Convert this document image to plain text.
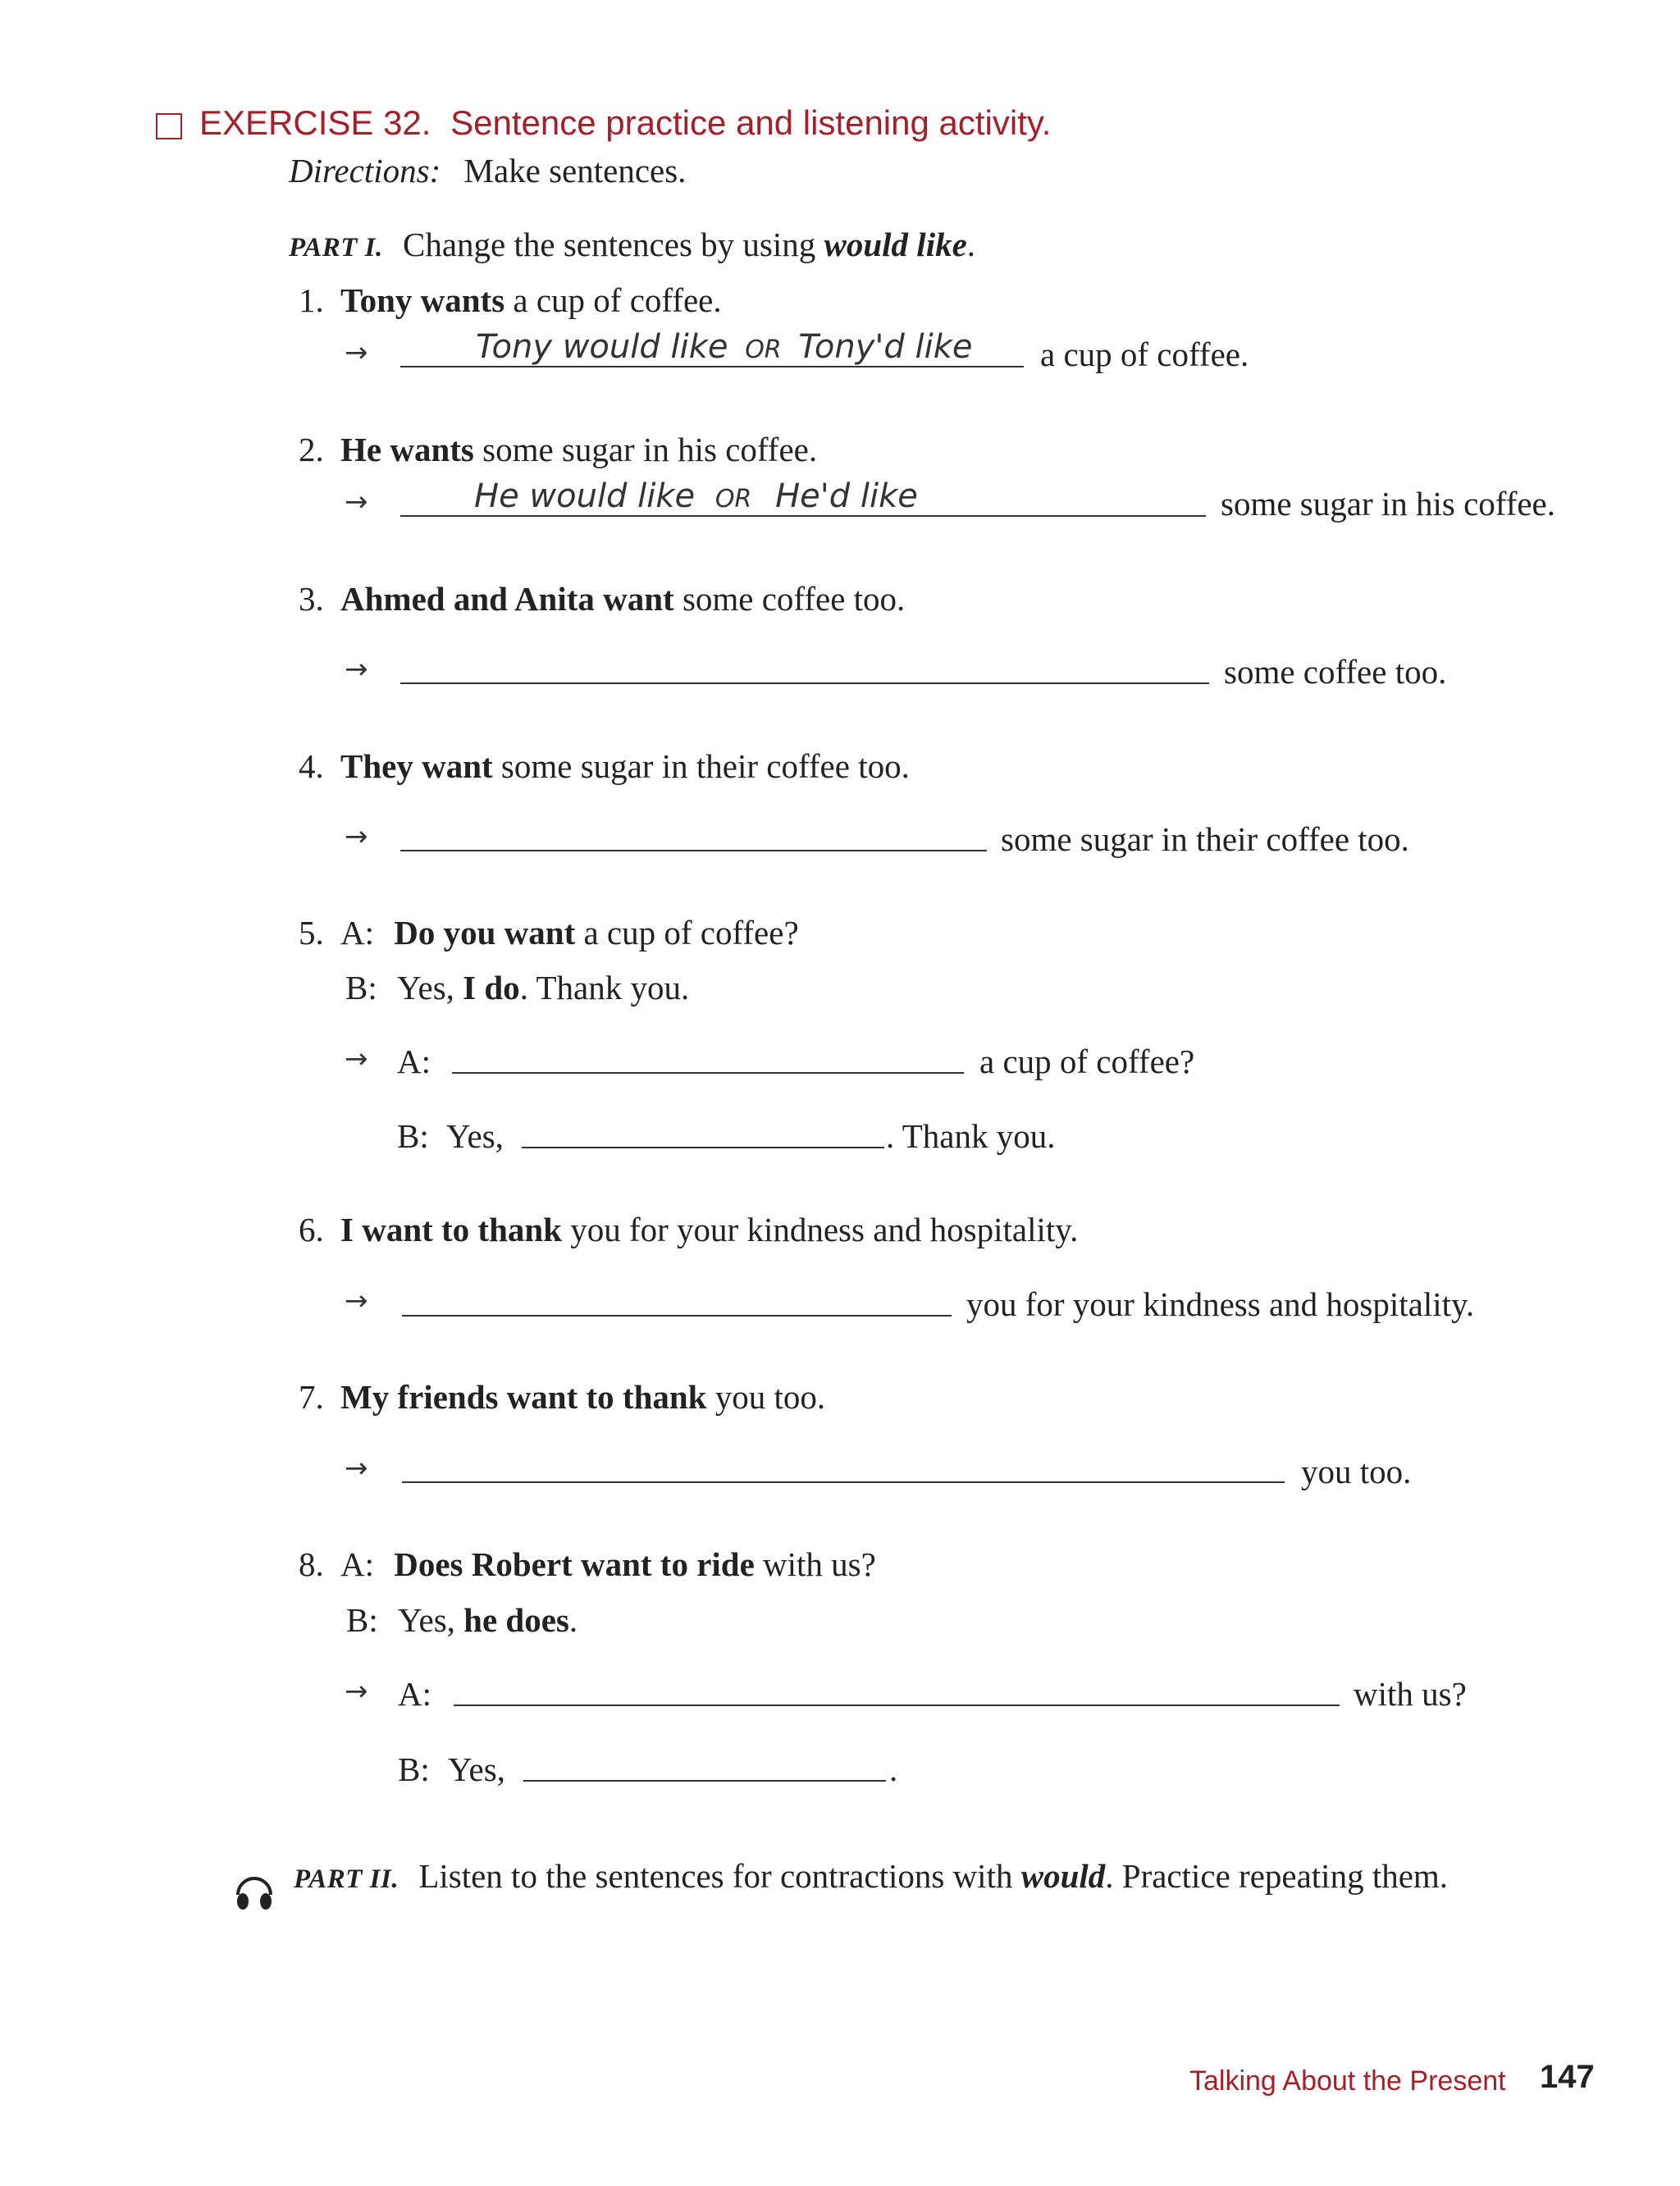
EXERCISE 32. Sentence practice and listening activity.
Directions: Make sentences.
PART I. Change the sentences by using would like.
1. Tony wants a cup of coffee.
→	Tony would like OR Tony'd like a cup of coffee.
2. He wants some sugar in his coffee.
→	He would like OR He'd like	some sugar in his coffee.
3. Ahmed and Anita want some coffee too.
→	some coffee too.
4. They want some sugar in their coffee too.
→	some sugar in their coffee too.
5. A: Do you want a cup of coffee?
B: Yes, I do. Thank you.
→ A:	a cup of coffee?
B: Yes,	. Thank you.
6. I want to thank you for your kindness and hospitality.
→	you for your kindness and hospitality.
7. My friends want to thank you too.
→	you too.
8. A: Does Robert want to ride with us?
B: Yes, he does.
→ A:	with us?
B: Yes,	.
PART II. Listen to the sentences for contractions with would. Practice repeating them.
Talking About the Present 147
